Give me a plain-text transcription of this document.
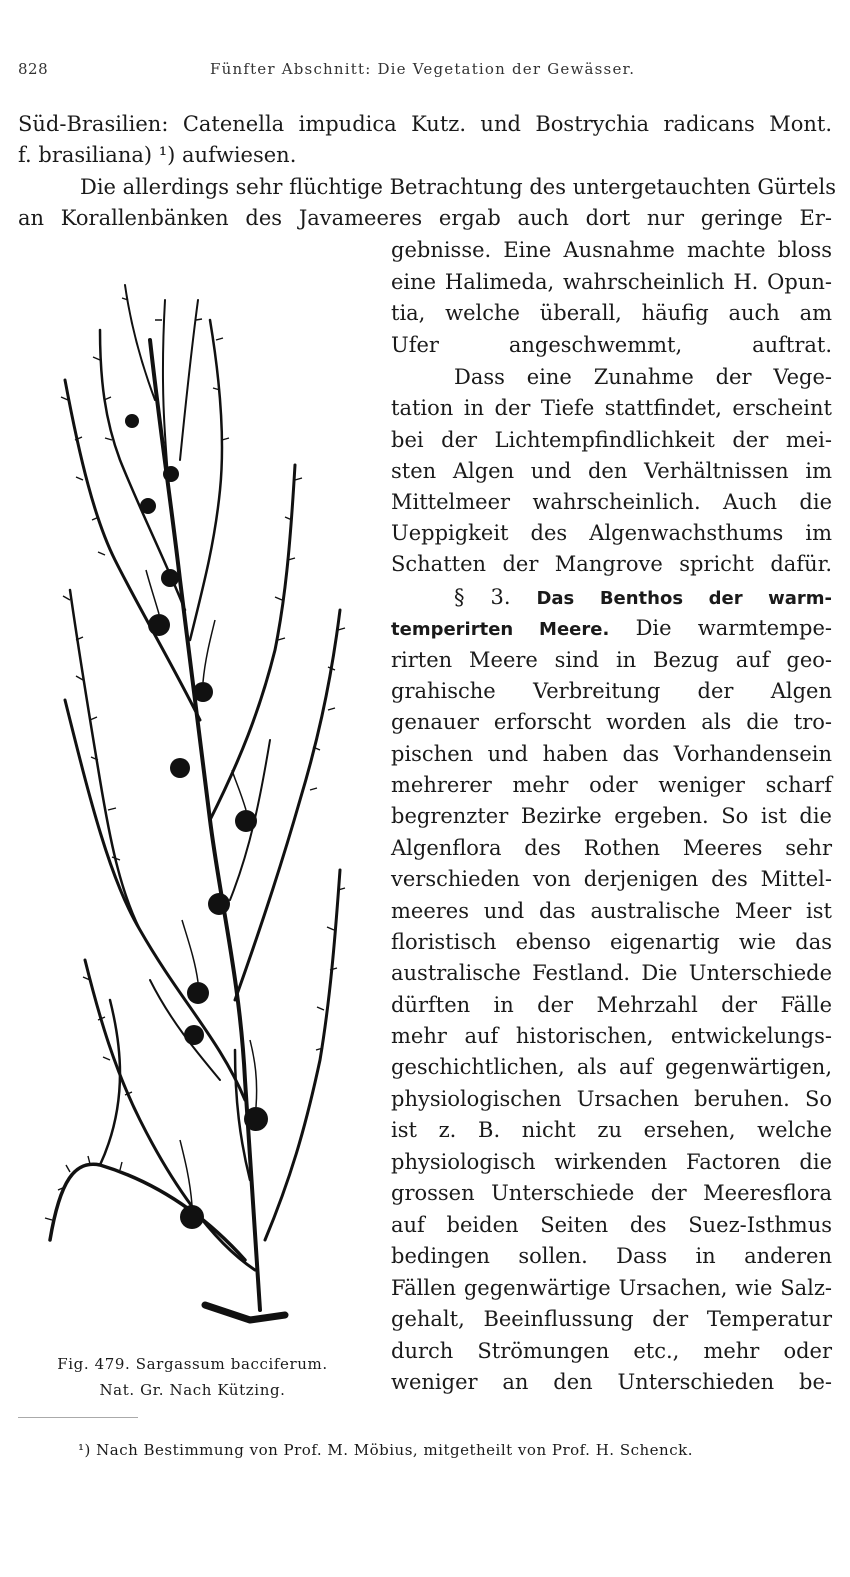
828	Fünfter Abschnitt: Die Vegetation der Gewässer.
Süd-Brasilien: Catenella impudica Kutz. und Bostrychia radicans Mont.
f. brasiliana) ¹) aufwiesen.
Die allerdings sehr flüchtige Betrachtung des untergetauchten Gürtels
an Korallenbänken des Javameeres ergab auch dort nur geringe Er-
gebnisse. Eine Ausnahme machte bloss
eine Halimeda, wahrscheinlich H. Opun-
tia, welche überall, häufig auch am
Ufer angeschwemmt, auftrat.
Dass eine Zunahme der Vege-
tation in der Tiefe stattfindet, erscheint
bei der Lichtempfindlichkeit der mei-
sten Algen und den Verhältnissen im
Mittelmeer wahrscheinlich. Auch die
Ueppigkeit des Algenwachsthums im
Schatten der Mangrove spricht dafür.
§ 3. Das Benthos der warm-
temperirten Meere. Die warmtempe-
rirten Meere sind in Bezug auf geo-
grahische Verbreitung der Algen
genauer erforscht worden als die tro-
pischen und haben das Vorhandensein
mehrerer mehr oder weniger scharf
begrenzter Bezirke ergeben. So ist die
Algenflora des Rothen Meeres sehr
verschieden von derjenigen des Mittel-
meeres und das australische Meer ist
floristisch ebenso eigenartig wie das
australische Festland. Die Unterschiede
dürften in der Mehrzahl der Fälle
mehr auf historischen, entwickelungs-
geschichtlichen, als auf gegenwärtigen,
physiologischen Ursachen beruhen. So
ist z. B. nicht zu ersehen, welche
physiologisch wirkenden Factoren die
grossen Unterschiede der Meeresflora
auf beiden Seiten des Suez-Isthmus
bedingen sollen. Dass in anderen
Fällen gegenwärtige Ursachen, wie Salz-
gehalt, Beeinflussung der Temperatur
durch Strömungen etc., mehr oder
weniger an den Unterschieden be-
Fig. 479. Sargassum bacciferum.
Nat. Gr. Nach Kützing.
¹) Nach Bestimmung von Prof. M. Möbius, mitgetheilt von Prof. H. Schenck.
